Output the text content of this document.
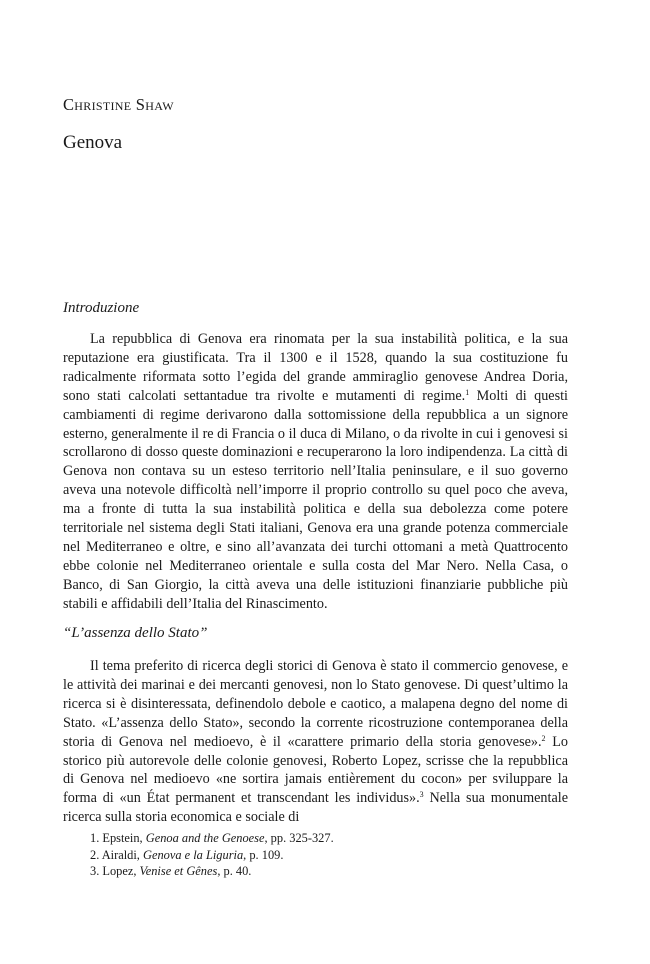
Christine Shaw
Genova
Introduzione

La repubblica di Genova era rinomata per la sua instabilità politica, e la sua reputazione era giustificata. Tra il 1300 e il 1528, quando la sua costituzione fu radicalmente riformata sotto l’egida del grande ammiraglio genovese Andrea Doria, sono stati calcolati settantadue tra rivolte e mutamenti di regime.$^1$ Molti di questi cambiamenti di regime derivarono dalla sottomissione della repubblica a un signore esterno, generalmente il re di Francia o il duca di Milano, o da rivolte in cui i genovesi si scrollarono di dosso queste dominazioni e recuperarono la loro indipendenza. La città di Genova non contava su un esteso territorio nell’Italia peninsulare, e il suo governo aveva una notevole difficoltà nell’imporre il proprio controllo su quel poco che aveva, ma a fronte di tutta la sua instabilità politica e della sua debolezza come potere territoriale nel sistema degli Stati italiani, Genova era una grande potenza commerciale nel Mediterraneo e oltre, e sino all’avanzata dei turchi ottomani a metà Quattrocento ebbe colonie nel Mediterraneo orientale e sulla costa del Mar Nero. Nella Casa, o Banco, di San Giorgio, la città aveva una delle istituzioni finanziarie pubbliche più stabili e affidabili dell’Italia del Rinascimento.

“L’assenza dello Stato”

Il tema preferito di ricerca degli storici di Genova è stato il commercio genovese, e le attività dei marinai e dei mercanti genovesi, non lo Stato genovese. Di quest’ultimo la ricerca si è disinteressata, definendolo debole e caotico, a malapena degno del nome di Stato. «L’assenza dello Stato», secondo la corrente ricostruzione contemporanea della storia di Genova nel medioevo, è il «carattere primario della storia genovese».$^2$ Lo storico più autorevole delle colonie genovesi, Roberto Lopez, scrisse che la repubblica di Genova nel medioevo «ne sortira jamais entièrement du cocon» per sviluppare la forma di «un État permanent et transcendant les individus».$^3$ Nella sua monumentale ricerca sulla storia economica e sociale di

1. Epstein, Genoa and the Genoese, pp. 325-327.
2. Airaldi, Genova e la Liguria, p. 109.
3. Lopez, Venise et Gênes, p. 40.
